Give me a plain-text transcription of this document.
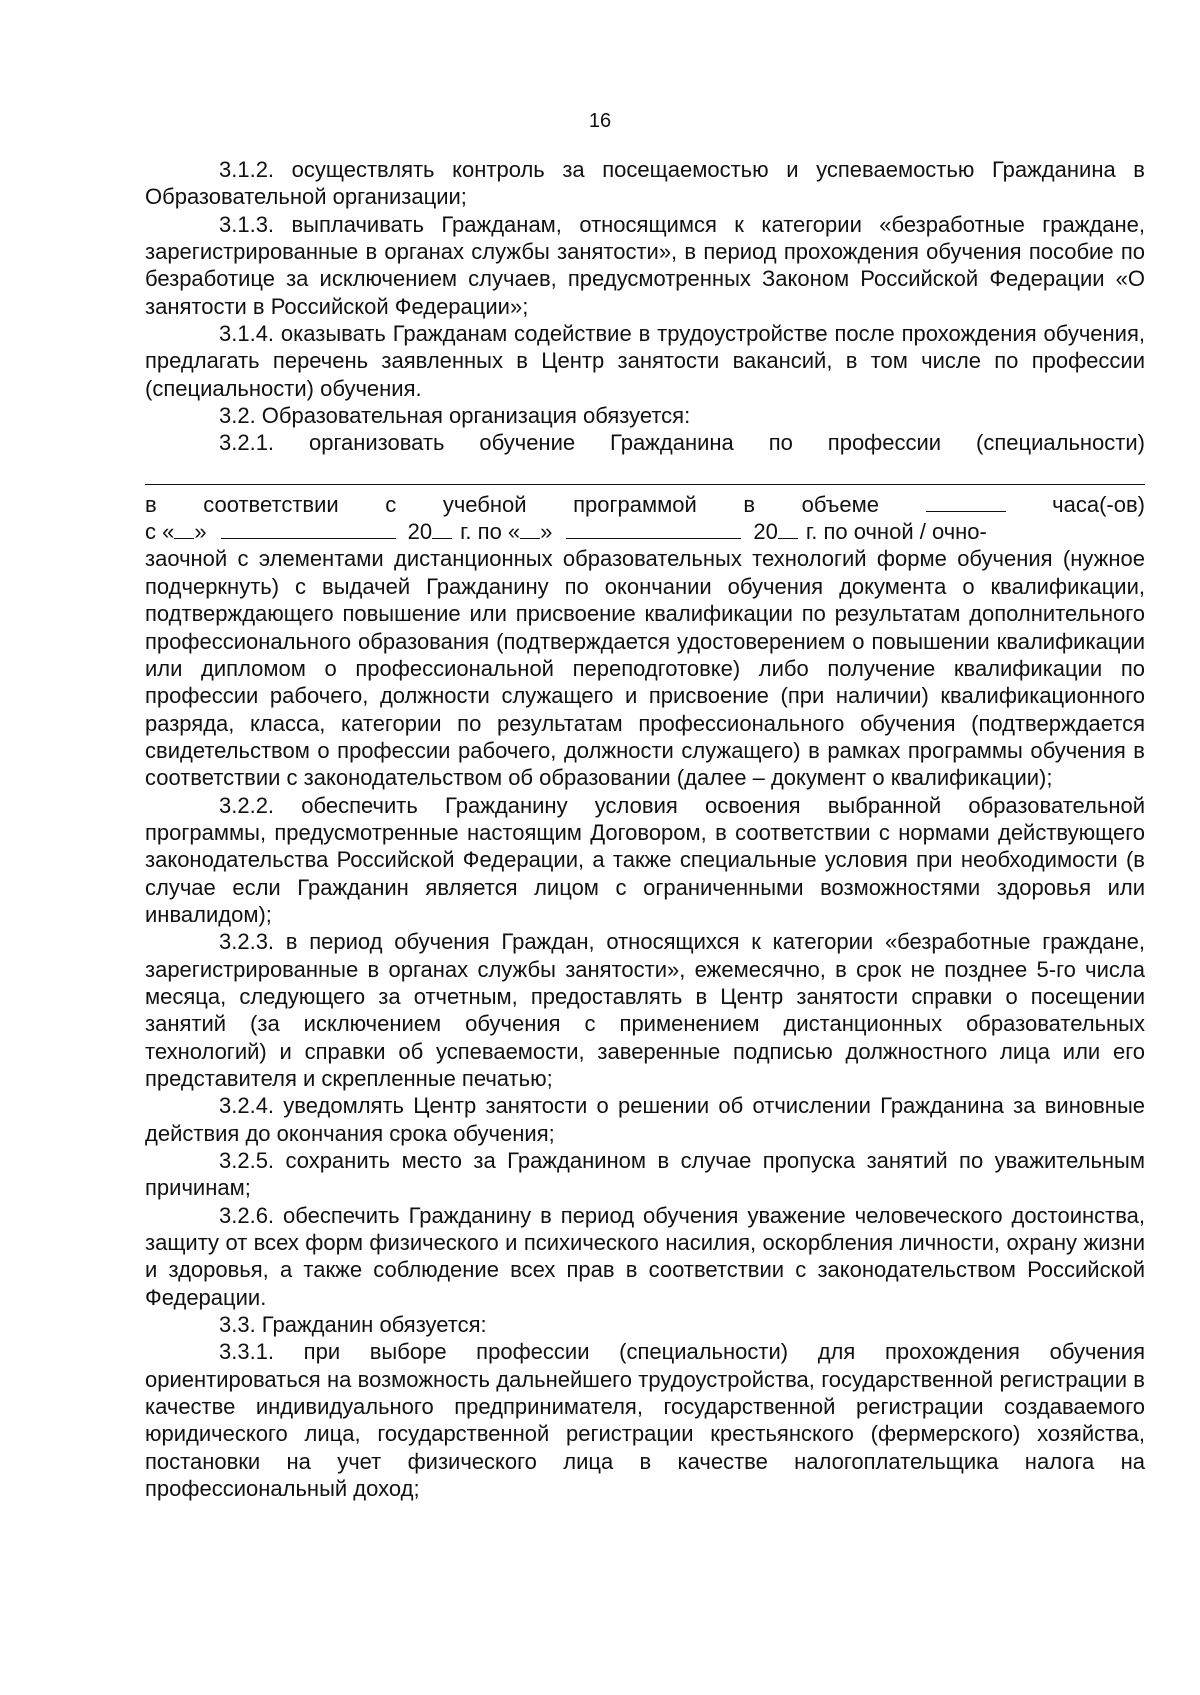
16

3.1.2. осуществлять контроль за посещаемостью и успеваемостью Гражданина в Образовательной организации;

3.1.3. выплачивать Гражданам, относящимся к категории «безработные граждане, зарегистрированные в органах службы занятости», в период прохождения обучения пособие по безработице за исключением случаев, предусмотренных Законом Российской Федерации «О занятости в Российской Федерации»;

3.1.4. оказывать Гражданам содействие в трудоустройстве после прохождения обучения, предлагать перечень заявленных в Центр занятости вакансий, в том числе по профессии (специальности) обучения.

3.2. Образовательная организация обязуется:

3.2.1. организовать обучение Гражданина по профессии (специальности)

в соответствии с учебной программой в объеме	часа(-ов)
с « »	20 г. по « »	20 г. по очной / очно-

заочной с элементами дистанционных образовательных технологий форме обучения (нужное подчеркнуть) с выдачей Гражданину по окончании обучения документа о квалификации, подтверждающего повышение или присвоение квалификации по результатам дополнительного профессионального образования (подтверждается удостоверением о повышении квалификации или дипломом о профессиональной переподготовке) либо получение квалификации по профессии рабочего, должности служащего и присвоение (при наличии) квалификационного разряда, класса, категории по результатам профессионального обучения (подтверждается свидетельством о профессии рабочего, должности служащего) в рамках программы обучения в соответствии с законодательством об образовании (далее – документ о квалификации);

3.2.2. обеспечить Гражданину условия освоения выбранной образовательной программы, предусмотренные настоящим Договором, в соответствии с нормами действующего законодательства Российской Федерации, а также специальные условия при необходимости (в случае если Гражданин является лицом с ограниченными возможностями здоровья или инвалидом);

3.2.3. в период обучения Граждан, относящихся к категории «безработные граждане, зарегистрированные в органах службы занятости», ежемесячно, в срок не позднее 5-го числа месяца, следующего за отчетным, предоставлять в Центр занятости справки о посещении занятий (за исключением обучения с применением дистанционных образовательных технологий) и справки об успеваемости, заверенные подписью должностного лица или его представителя и скрепленные печатью;

3.2.4. уведомлять Центр занятости о решении об отчислении Гражданина за виновные действия до окончания срока обучения;

3.2.5. сохранить место за Гражданином в случае пропуска занятий по уважительным причинам;

3.2.6. обеспечить Гражданину в период обучения уважение человеческого достоинства, защиту от всех форм физического и психического насилия, оскорбления личности, охрану жизни и здоровья, а также соблюдение всех прав в соответствии с законодательством Российской Федерации.

3.3. Гражданин обязуется:

3.3.1. при выборе профессии (специальности) для прохождения обучения ориентироваться на возможность дальнейшего трудоустройства, государственной регистрации в качестве индивидуального предпринимателя, государственной регистрации создаваемого юридического лица, государственной регистрации крестьянского (фермерского) хозяйства, постановки на учет физического лица в качестве налогоплательщика налога на профессиональный доход;
